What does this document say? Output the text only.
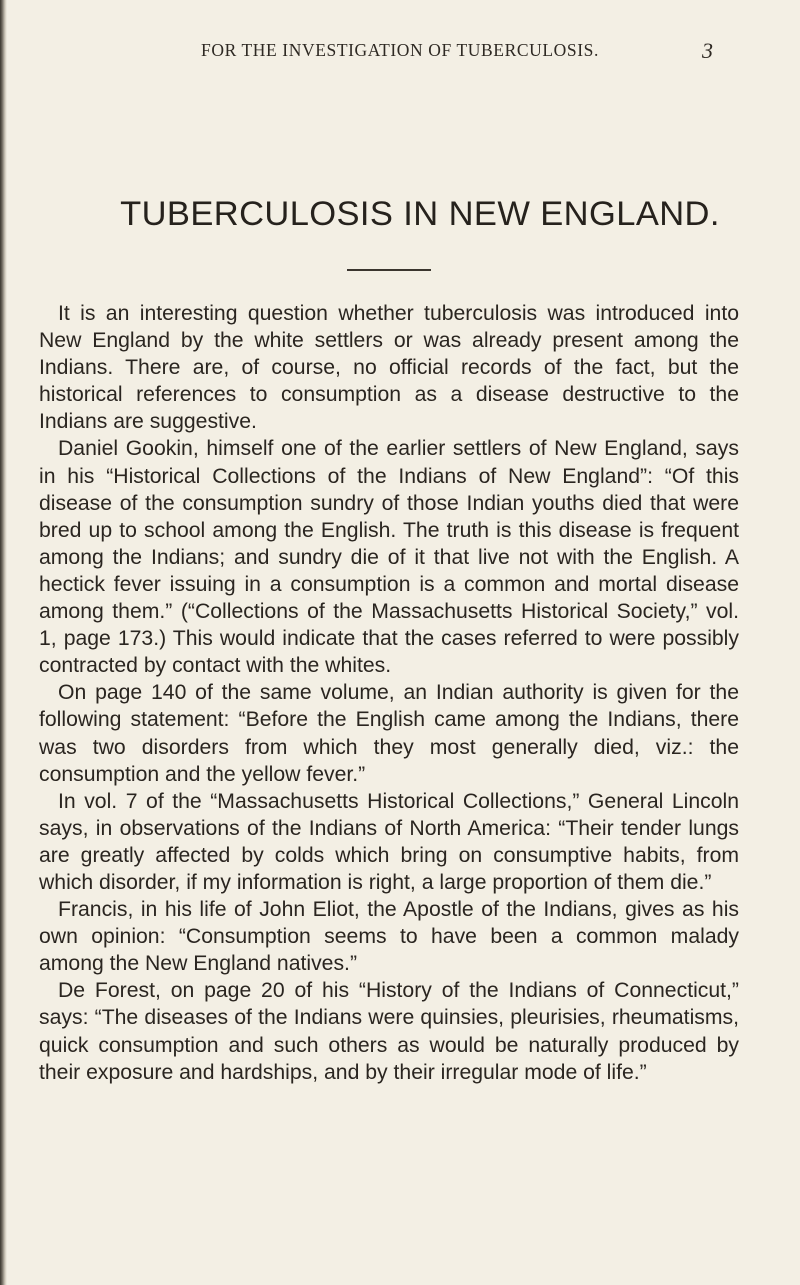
FOR THE INVESTIGATION OF TUBERCULOSIS.	3
TUBERCULOSIS IN NEW ENGLAND.

It is an interesting question whether tuberculosis was introduced into New England by the white settlers or was already present among the Indians. There are, of course, no official records of the fact, but the historical references to consumption as a disease destructive to the Indians are suggestive.

Daniel Gookin, himself one of the earlier settlers of New England, says in his “Historical Collections of the Indians of New England”: “Of this disease of the consumption sundry of those Indian youths died that were bred up to school among the English. The truth is this disease is frequent among the Indians; and sundry die of it that live not with the English. A hectick fever issuing in a consumption is a common and mortal disease among them.” (“Collections of the Massachusetts Historical Society,” vol. 1, page 173.) This would indicate that the cases referred to were possibly contracted by contact with the whites.

On page 140 of the same volume, an Indian authority is given for the following statement: “Before the English came among the Indians, there was two disorders from which they most generally died, viz.: the consumption and the yellow fever.”

In vol. 7 of the “Massachusetts Historical Collections,” General Lincoln says, in observations of the Indians of North America: “Their tender lungs are greatly affected by colds which bring on consumptive habits, from which disorder, if my information is right, a large proportion of them die.”

Francis, in his life of John Eliot, the Apostle of the Indians, gives as his own opinion: “Consumption seems to have been a common malady among the New England natives.”

De Forest, on page 20 of his “History of the Indians of Connecticut,” says: “The diseases of the Indians were quinsies, pleurisies, rheumatisms, quick consumption and such others as would be naturally produced by their exposure and hardships, and by their irregular mode of life.”
